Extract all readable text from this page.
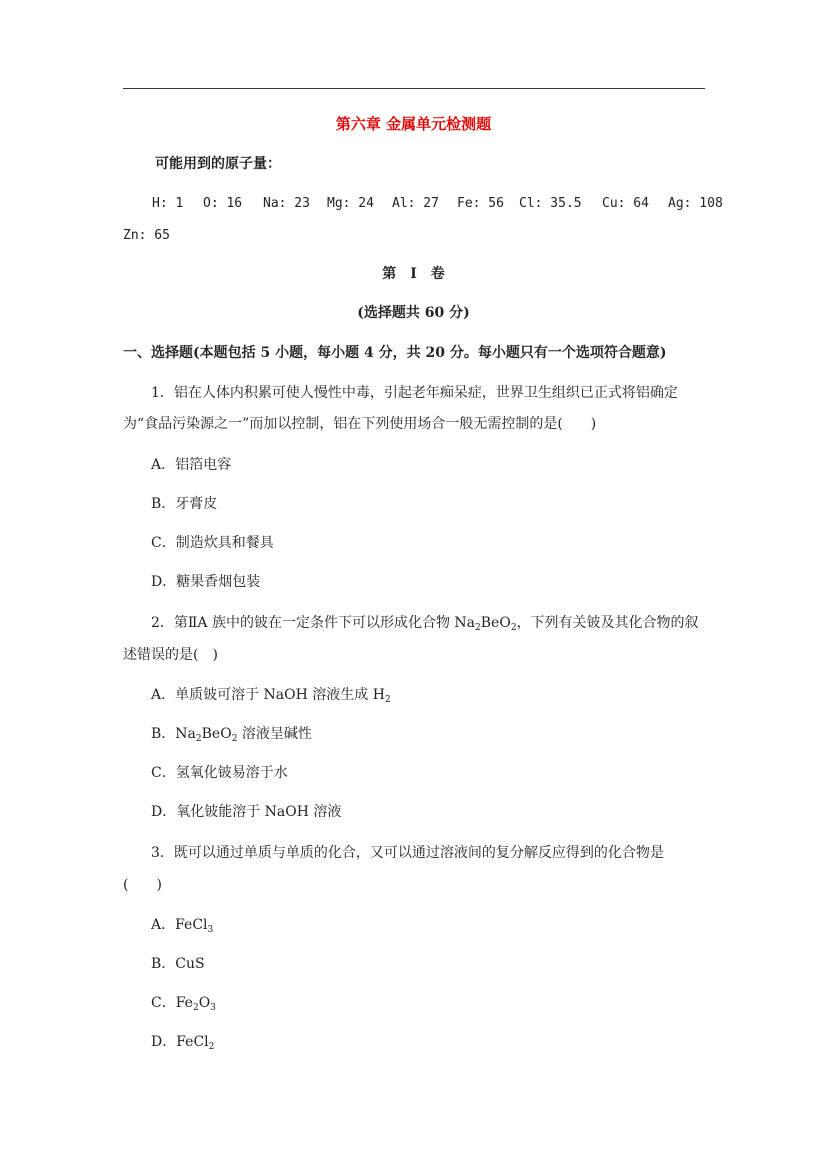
第六章 金属单元检测题
可能用到的原子量：
H: 1	O: 16	Na: 23	Mg: 24	Al: 27	Fe: 56	Cl: 35.5	Cu: 64	Ag: 108
Zn: 65
第　I　卷
(选择题共 60 分)
一、选择题(本题包括 5 小题，每小题 4 分，共 20 分。每小题只有一个选项符合题意)
1．铝在人体内积累可使人慢性中毒，引起老年痴呆症，世界卫生组织已正式将铝确定
为“食品污染源之一”而加以控制，铝在下列使用场合一般无需控制的是(　　)
A．铝箔电容
B．牙膏皮
C．制造炊具和餐具
D．糖果香烟包装
2．第ⅡA 族中的铍在一定条件下可以形成化合物 $Na_2BeO_2$，下列有关铍及其化合物的叙
述错误的是(　)
A．单质铍可溶于 NaOH 溶液生成 $H_2$
B．$Na_2BeO_2$ 溶液呈碱性
C．氢氧化铍易溶于水
D．氧化铍能溶于 NaOH 溶液
3．既可以通过单质与单质的化合，又可以通过溶液间的复分解反应得到的化合物是
(　　)
A．FeCl$_3$
B．CuS
C．$Fe_2O_3$
D．FeCl$_2$
